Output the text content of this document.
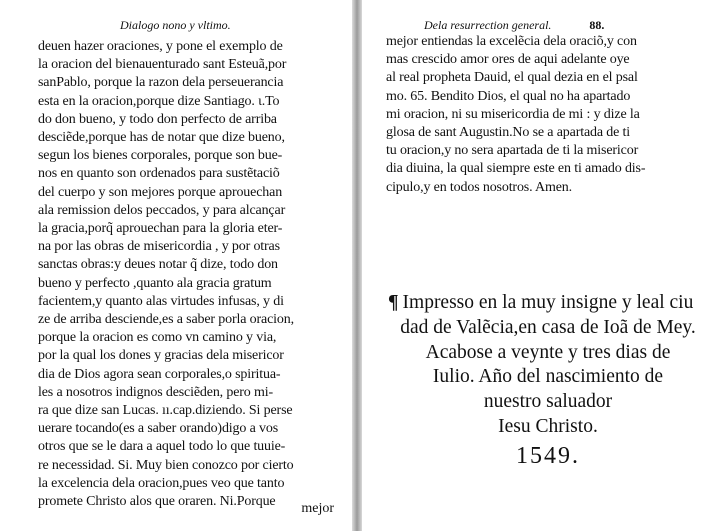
Dialogo nono y vltimo.
deuen hazer oraciones, y pone el exemplo de
la oracion del bienauenturado sant Esteuã,por
sanPablo, porque la razon dela perseuerancia
esta en la oracion,porque dize Santiago. ι.To
do don bueno, y todo don perfecto de arriba
desciẽde,porque has de notar que dize bueno,
segun los bienes corporales, porque son bue-
nos en quanto son ordenados para sustẽtaciõ
del cuerpo y son mejores porque aprouechan
ala remission delos peccados, y para alcançar
la gracia,porq̃ aprouechan para la gloria eter-
na por las obras de misericordia , y por otras
sanctas obras:y deues notar q̃ dize, todo don
bueno y perfecto ,quanto ala gracia gratum
facientem,y quanto alas virtudes infusas, y di
ze de arriba desciende,es a saber porla oracion,
porque la oracion es como vn camino y via,
por la qual los dones y gracias dela misericor
dia de Dios agora sean corporales,o spiritua-
les a nosotros indignos desciẽden, pero mi-
ra que dize san Lucas. ıı.cap.diziendo. Si perse
uerare tocando(es a saber orando)digo a vos
otros que se le dara a aquel todo lo que tuuie-
re necessidad. Si. Muy bien conozco por cierto
la excelencia dela oracion,pues veo que tanto
promete Christo alos que oraren. Ni.Porque	mejor
Dela resurrection general.	88.
mejor entiendas la excelẽcia dela oraciõ,y con
mas crescido amor ores de aqui adelante oye
al real propheta Dauid, el qual dezia en el psal
mo. 65. Bendito Dios, el qual no ha apartado
mi oracion, ni su misericordia de mi : y dize la
glosa de sant Augustin.No se a apartada de ti
tu oracion,y no sera apartada de ti la misericor
dia diuina, la qual siempre este en ti amado dis-
cipulo,y en todos nosotros. Amen.
¶ Impresso en la muy insigne y leal ciu
dad de Valẽcia,en casa de Ioã de Mey.
Acabose a veynte y tres dias de
Iulio. Año del nascimiento de
nuestro saluador
Iesu Christo.
1549.
